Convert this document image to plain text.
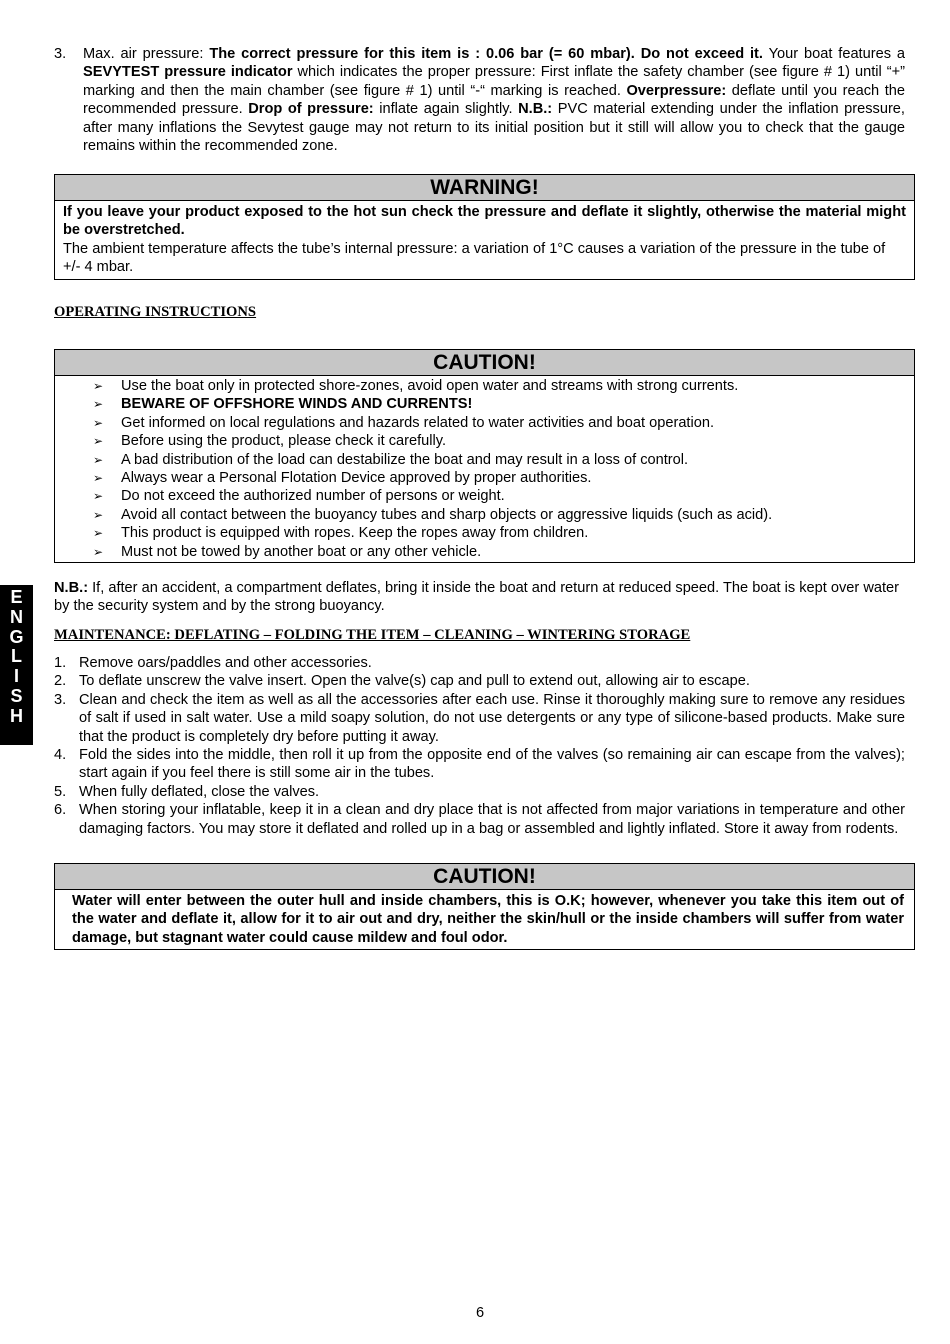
3. Max. air pressure: The correct pressure for this item is : 0.06 bar (= 60 mbar). Do not exceed it. Your boat features a SEVYTEST pressure indicator which indicates the proper pressure: First inflate the safety chamber (see figure # 1) until “+” marking and then the main chamber (see figure # 1) until “-“ marking is reached. Overpressure: deflate until you reach the recommended pressure. Drop of pressure: inflate again slightly. N.B.: PVC material extending under the inflation pressure, after many inflations the Sevytest gauge may not return to its initial position but it still will allow you to check that the gauge remains within the recommended zone.

WARNING!

If you leave your product exposed to the hot sun check the pressure and deflate it slightly, otherwise the material might be overstretched.

The ambient temperature affects the tube’s internal pressure: a variation of 1°C causes a variation of the pressure in the tube of +/- 4 mbar.

OPERATING INSTRUCTIONS
CAUTION!
➢ Use the boat only in protected shore-zones, avoid open water and streams with strong currents.
➢ BEWARE OF OFFSHORE WINDS AND CURRENTS!
➢ Get informed on local regulations and hazards related to water activities and boat operation.
➢ Before using the product, please check it carefully.
➢ A bad distribution of the load can destabilize the boat and may result in a loss of control.
➢ Always wear a Personal Flotation Device approved by proper authorities.
➢ Do not exceed the authorized number of persons or weight.
➢ Avoid all contact between the buoyancy tubes and sharp objects or aggressive liquids (such as acid).
➢ This product is equipped with ropes. Keep the ropes away from children.
➢ Must not be towed by another boat or any other vehicle.
E
N
G
L
I
S
H

N.B.: If, after an accident, a compartment deflates, bring it inside the boat and return at reduced speed. The boat is kept over water by the security system and by the strong buoyancy.

MAINTENANCE: DEFLATING – FOLDING THE ITEM – CLEANING – WINTERING STORAGE
1. Remove oars/paddles and other accessories.
2. To deflate unscrew the valve insert. Open the valve(s) cap and pull to extend out, allowing air to escape.
3. Clean and check the item as well as all the accessories after each use. Rinse it thoroughly making sure to remove any residues of salt if used in salt water. Use a mild soapy solution, do not use detergents or any type of silicone-based products. Make sure that the product is completely dry before putting it away.
4. Fold the sides into the middle, then roll it up from the opposite end of the valves (so remaining air can escape from the valves); start again if you feel there is still some air in the tubes.
5. When fully deflated, close the valves.
6. When storing your inflatable, keep it in a clean and dry place that is not affected from major variations in temperature and other damaging factors. You may store it deflated and rolled up in a bag or assembled and lightly inflated. Store it away from rodents.
CAUTION!

Water will enter between the outer hull and inside chambers, this is O.K; however, whenever you take this item out of the water and deflate it, allow for it to air out and dry, neither the skin/hull or the inside chambers will suffer from water damage, but stagnant water could cause mildew and foul odor.

6
